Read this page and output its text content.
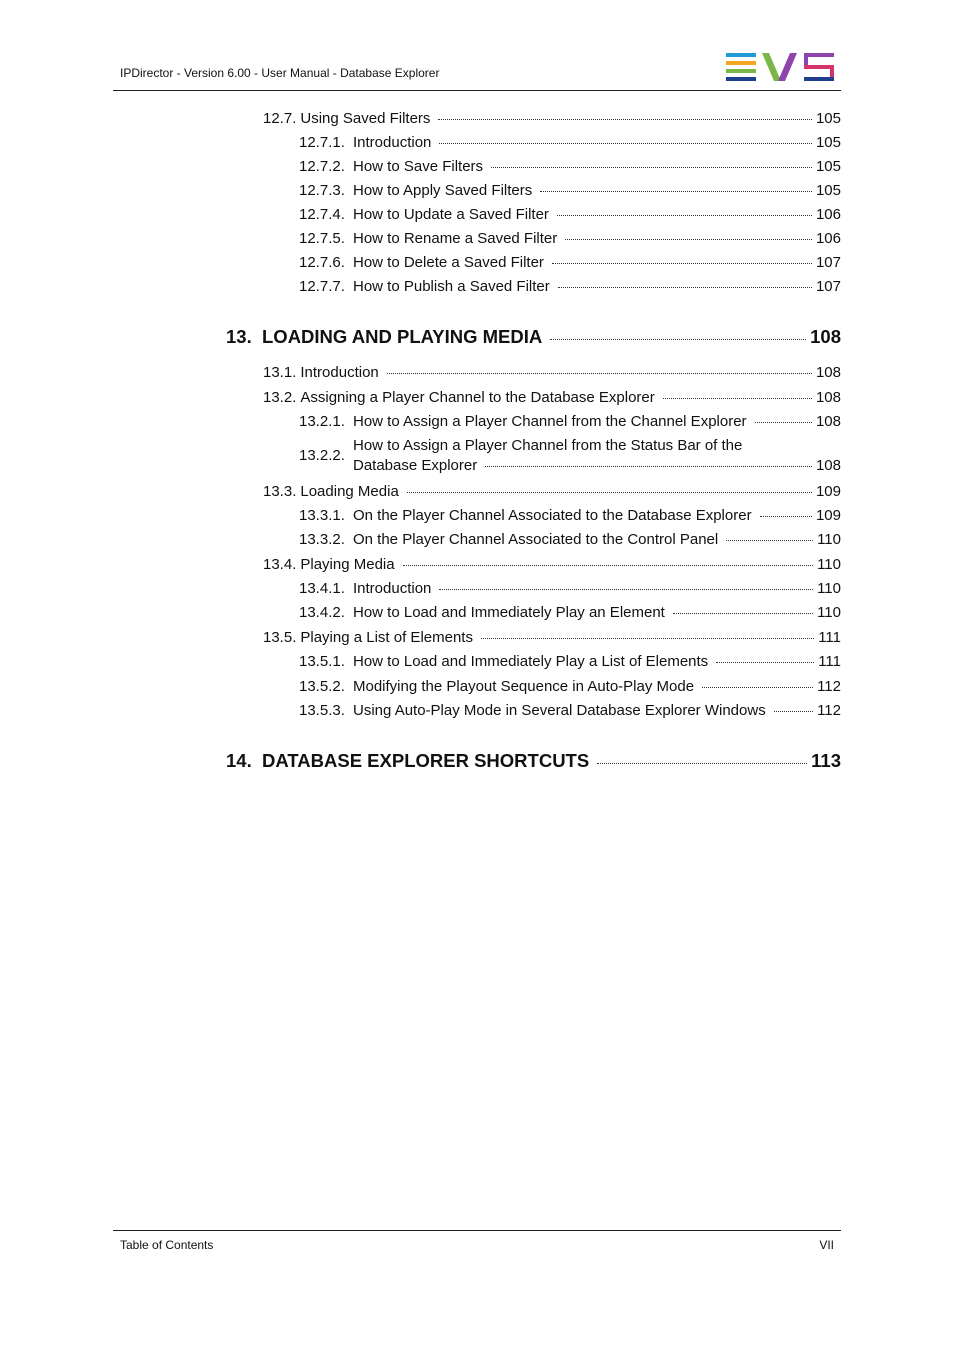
IPDirector - Version 6.00 - User Manual - Database Explorer
12.7. Using Saved Filters	105
12.7.1. Introduction	105
12.7.2. How to Save Filters	105
12.7.3. How to Apply Saved Filters	105
12.7.4. How to Update a Saved Filter	106
12.7.5. How to Rename a Saved Filter	106
12.7.6. How to Delete a Saved Filter	107
12.7.7. How to Publish a Saved Filter	107
13. LOADING AND PLAYING MEDIA	108
13.1. Introduction	108
13.2. Assigning a Player Channel to the Database Explorer	108
13.2.1. How to Assign a Player Channel from the Channel Explorer	108
13.2.2.
How to Assign a Player Channel from the Status Bar of the
Database Explorer	108
13.3. Loading Media	109
13.3.1. On the Player Channel Associated to the Database Explorer	109
13.3.2. On the Player Channel Associated to the Control Panel	110
13.4. Playing Media	110
13.4.1. Introduction	110
13.4.2. How to Load and Immediately Play an Element	110
13.5. Playing a List of Elements	111
13.5.1. How to Load and Immediately Play a List of Elements	111
13.5.2. Modifying the Playout Sequence in Auto-Play Mode	112
13.5.3. Using Auto-Play Mode in Several Database Explorer Windows	112
14. DATABASE EXPLORER SHORTCUTS	113
Table of Contents	VII
